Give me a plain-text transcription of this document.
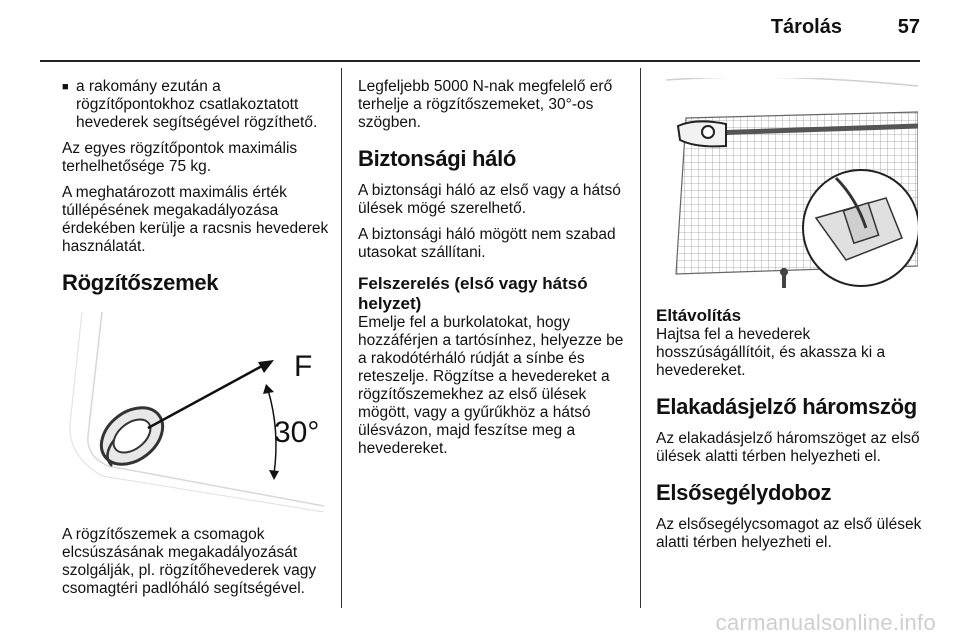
Tárolás	57
■ a rakomány ezután a rögzítőpontokhoz csatlakoztatott hevederek segítségével rögzíthető.

Az egyes rögzítőpontok maximális terhelhetősége 75 kg.

A meghatározott maximális érték túllépésének megakadályozása érdekében kerülje a racsnis hevederek használatát.

Rögzítőszemek
F
30°

A rögzítőszemek a csomagok elcsúszásának megakadályozását szolgálják, pl. rögzítőhevederek vagy csomagtéri padlóháló segítségével.

Legfeljebb 5000 N-nak megfelelő erő terhelje a rögzítőszemeket, 30°-os szögben.

Biztonsági háló

A biztonsági háló az első vagy a hátsó ülések mögé szerelhető.

A biztonsági háló mögött nem szabad utasokat szállítani.

Felszerelés (első vagy hátsó helyzet)

Emelje fel a burkolatokat, hogy hozzáférjen a tartósínhez, helyezze be a rakodótérháló rúdját a sínbe és reteszelje. Rögzítse a hevedereket a rögzítőszemekhez az első ülések mögött, vagy a gyűrűkhöz a hátsó ülésvázon, majd feszítse meg a hevedereket.

Eltávolítás

Hajtsa fel a hevederek hosszúságállítóit, és akassza ki a hevedereket.

Elakadásjelző háromszög

Az elakadásjelző háromszöget az első ülések alatti térben helyezheti el.

Elsősegélydoboz

Az elsősegélycsomagot az első ülések alatti térben helyezheti el.

carmanualsonline.info
